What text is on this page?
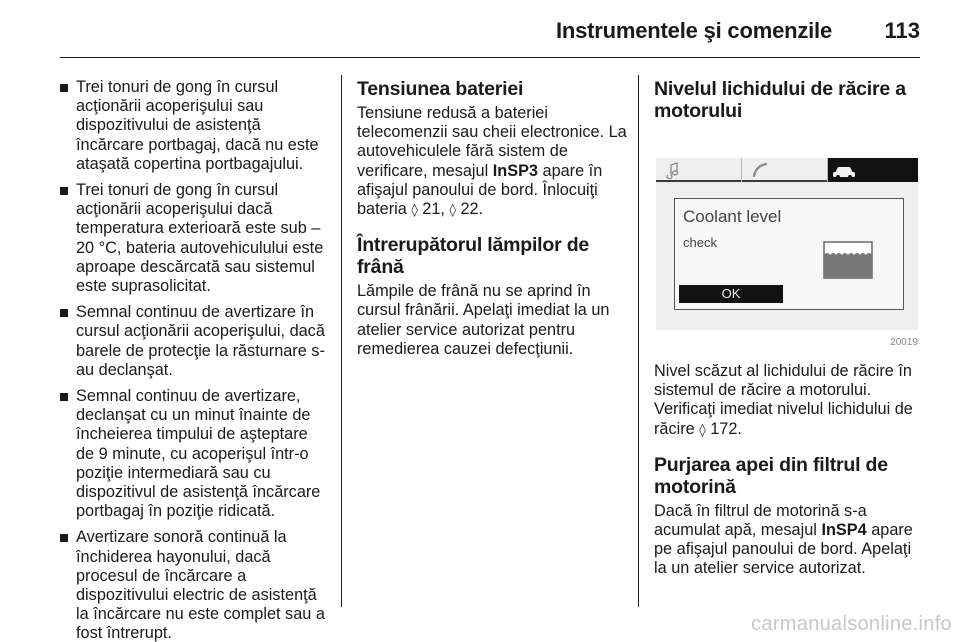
Instrumentele şi comenzile 113
Trei tonuri de gong în cursul acţionării acoperişului sau dispozitivului de asistenţă încărcare portbagaj, dacă nu este ataşată copertina portbagajului.
Trei tonuri de gong în cursul acţionării acoperişului dacă temperatura exterioară este sub –20 °C, bateria autovehiculului este aproape descărcată sau sistemul este suprasolicitat.
Semnal continuu de avertizare în cursul acţionării acoperişului, dacă barele de protecţie la răsturnare s-au declanşat.
Semnal continuu de avertizare, declanşat cu un minut înainte de încheierea timpului de aşteptare de 9 minute, cu acoperişul într-o poziţie intermediară sau cu dispozitivul de asistenţă încărcare portbagaj în poziţie ridicată.
Avertizare sonoră continuă la închiderea hayonului, dacă procesul de încărcare a dispozitivului electric de asistenţă la încărcare nu este complet sau a fost întrerupt.
Tensiunea bateriei

Tensiune redusă a bateriei telecomenzii sau cheii electronice. La autovehiculele fără sistem de verificare, mesajul InSP3 apare în afişajul panoului de bord. Înlocuiţi bateria ◊ 21, ◊ 22.

Întrerupătorul lămpilor de frână

Lămpile de frână nu se aprind în cursul frânării. Apelaţi imediat la un atelier service autorizat pentru remedierea cauzei defecţiunii.

Nivelul lichidului de răcire a motorului
Coolant level
check
OK
20019

Nivel scăzut al lichidului de răcire în sistemul de răcire a motorului. Verificaţi imediat nivelul lichidului de răcire ◊ 172.

Purjarea apei din filtrul de motorină

Dacă în filtrul de motorină s-a acumulat apă, mesajul InSP4 apare pe afişajul panoului de bord. Apelaţi la un atelier service autorizat.

carmanualsonline.info
